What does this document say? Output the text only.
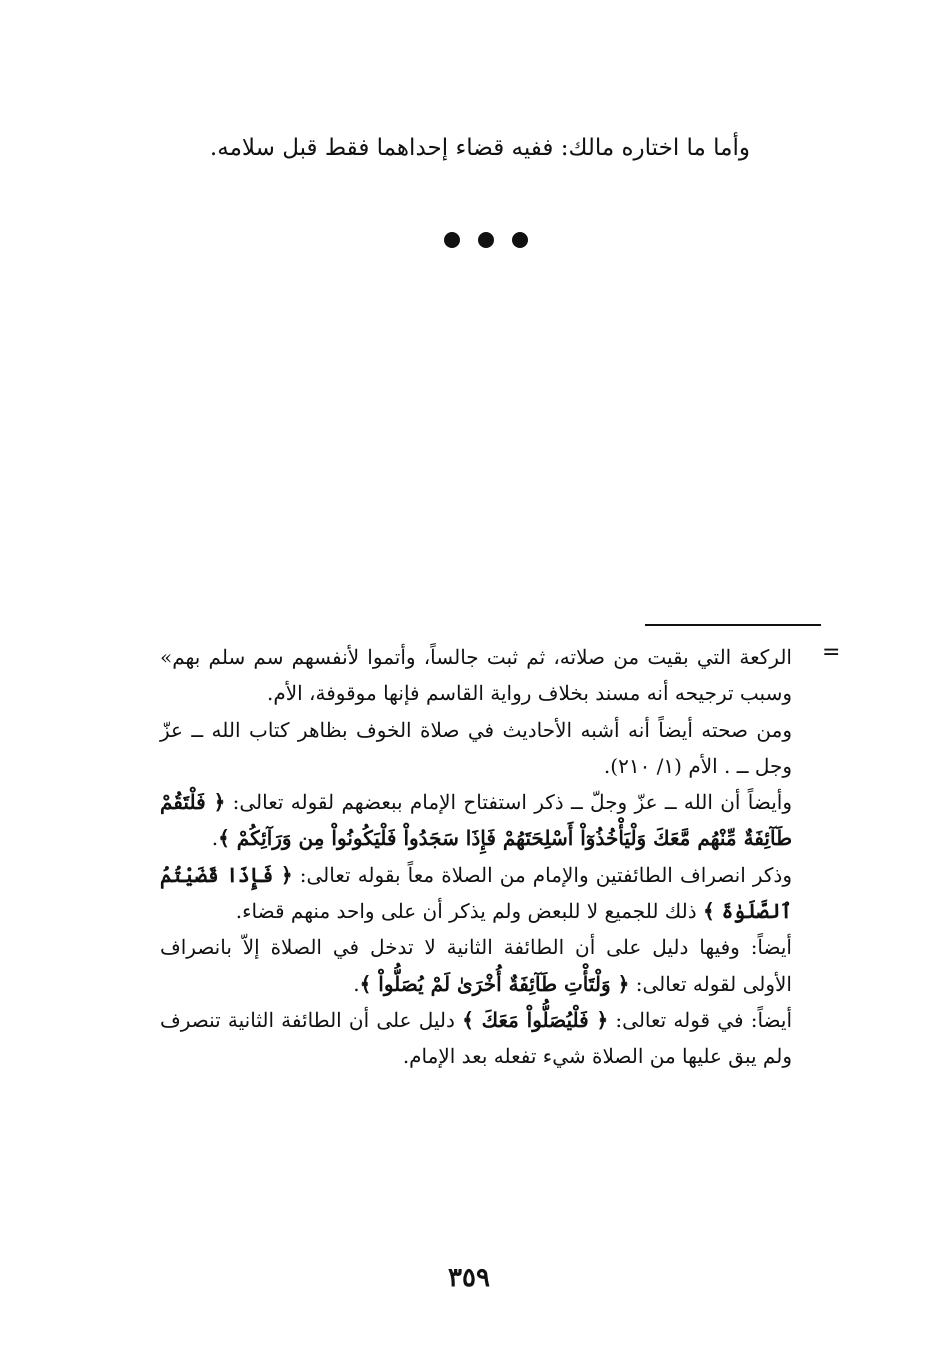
وأما ما اختاره مالك: ففيه قضاء إحداهما فقط قبل سلامه.
=

الركعة التي بقيت من صلاته، ثم ثبت جالساً، وأتموا لأنفسهم سم سلم بهم» وسبب ترجيحه أنه مسند بخلاف رواية القاسم فإنها موقوفة، الأم.

ومن صحته أيضاً أنه أشبه الأحاديث في صلاة الخوف بظاهر كتاب الله ــ عزّ وجل ــ . الأم (١/ ٢١٠).

وأيضاً أن الله ــ عزّ وجلّ ــ ذكر استفتاح الإمام ببعضهم لقوله تعالى: ﴿ فَلْتَقُمْ طَآئِفَةٌ مِّنْهُم مَّعَكَ وَلْيَأْخُذُوٓاْ أَسْلِحَتَهُمْ فَإِذَا سَجَدُواْ فَلْيَكُونُواْ مِن وَرَآئِكُمْ ﴾.

وذكر انصراف الطائفتين والإمام من الصلاة معاً بقوله تعالى: ﴿ فَإِذَا قَضَيْتُمُ ٱلصَّلَوٰةَ ﴾ ذلك للجميع لا للبعض ولم يذكر أن على واحد منهم قضاء.

أيضاً: وفيها دليل على أن الطائفة الثانية لا تدخل في الصلاة إلاّ بانصراف الأولى لقوله تعالى: ﴿ وَلْتَأْتِ طَآئِفَةٌ أُخْرَىٰ لَمْ يُصَلُّواْ ﴾.

أيضاً: في قوله تعالى: ﴿ فَلْيُصَلُّواْ مَعَكَ ﴾ دليل على أن الطائفة الثانية تنصرف ولم يبق عليها من الصلاة شيء تفعله بعد الإمام.

٣٥٩
